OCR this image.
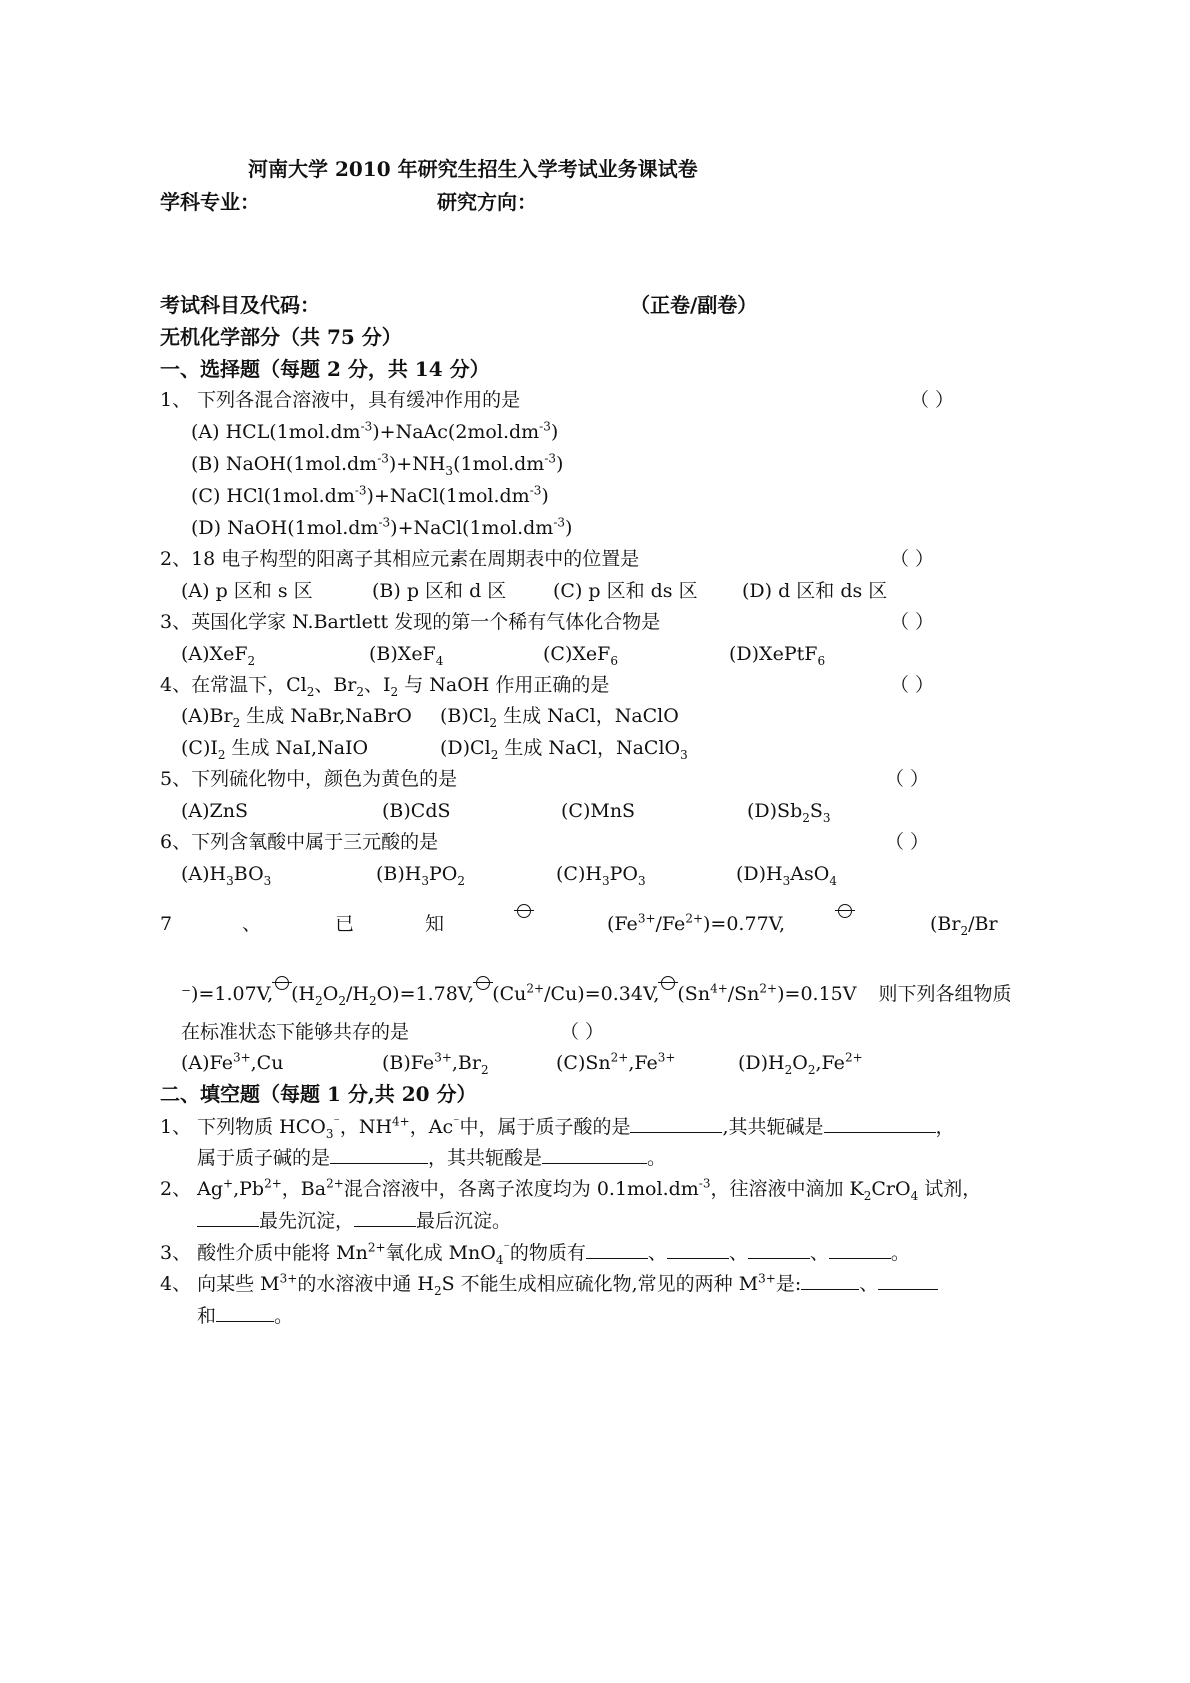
河南大学 2010 年研究生招生入学考试业务课试卷
学科专业：	研究方向：
考试科目及代码：	（正卷/副卷）
无机化学部分（共 75 分）
一、选择题（每题 2 分，共 14 分）
1、 下列各混合溶液中，具有缓冲作用的是	（ ）
(A) $HCL(1mol.dm^{-3})+NaAc(2mol.dm^{-3})$
(B) $NaOH(1mol.dm^{-3})+NH_3(1mol.dm^{-3})$
(C) $HCl(1mol.dm^{-3})+NaCl(1mol.dm^{-3})$
(D) $NaOH(1mol.dm^{-3})+NaCl(1mol.dm^{-3})$
2、18 电子构型的阳离子其相应元素在周期表中的位置是	（ ）
(A) p 区和 s 区	(B) p 区和 d 区 (C) p 区和 ds 区 (D) d 区和 ds 区
3、英国化学家 N.Bartlett 发现的第一个稀有气体化合物是	（ ）
(A)XeF$_2$	(B)XeF$_4$	(C)XeF$_6$	(D)XePtF$_6$
4、在常温下，$Cl_2$、$Br_2$、$I_2$ 与 NaOH 作用正确的是	（ ）
$(A)Br_2$ 生成 NaBr,NaBrO $(B)Cl_2$ 生成 NaCl，NaClO
$(C)I_2$ 生成 NaI,NaIO	$(D)Cl_2$ 生成 NaCl，NaClO$_3$
5、下列硫化物中，颜色为黄色的是	（ ）
(A)ZnS	(B)CdS	(C)MnS	$(D)Sb_2S_3$
6、下列含氧酸中属于三元酸的是	（ ）
$(A)H_3BO_3$	$(B)H_3PO_2$	$(C)H_3PO_3$	$(D)H_3AsO_4$
7	、	已	知	$(Fe^{3+}/Fe^{2+})=0.77V$,	($Br_2/Br$
⁻)=1.07V, $(H_2O_2/H_2O)=1.78V$, $(Cu^{2+}/Cu)=0.34V$, $(Sn^{4+}/Sn^{2+})=0.15V$ 则下列各组物质
在标准状态下能够共存的是	（ ）
$(A)Fe^{3+},Cu$	$(B)Fe^{3+},Br_2$	$(C)Sn^{2+},Fe^{3+}$	$(D)H_2O_2,Fe^{2+}$
二、填空题（每题 1 分,共 20 分）
1、 下列物质 $HCO_3^{^-}$，$NH^{4+}$，Ac⁻中，属于质子酸的是	,其共轭碱是	，
属于质子碱的是	，其共轭酸是	。
2、 $Ag^+,Pb^{2+}$，$Ba^{2+}$混合溶液中，各离子浓度均为 $0.1mol.dm^{-3}$，往溶液中滴加 $K_2CrO_4$ 试剂，
最先沉淀，	最后沉淀。
3、 酸性介质中能将 $Mn^{2+}$氧化成 MnO$_4$⁻的物质有	、	、	、	。
4、 向某些 $M^{3+}$的水溶液中通 $H_2S$ 不能生成相应硫化物,常见的两种 $M^{3+}$是:	、
和	。
